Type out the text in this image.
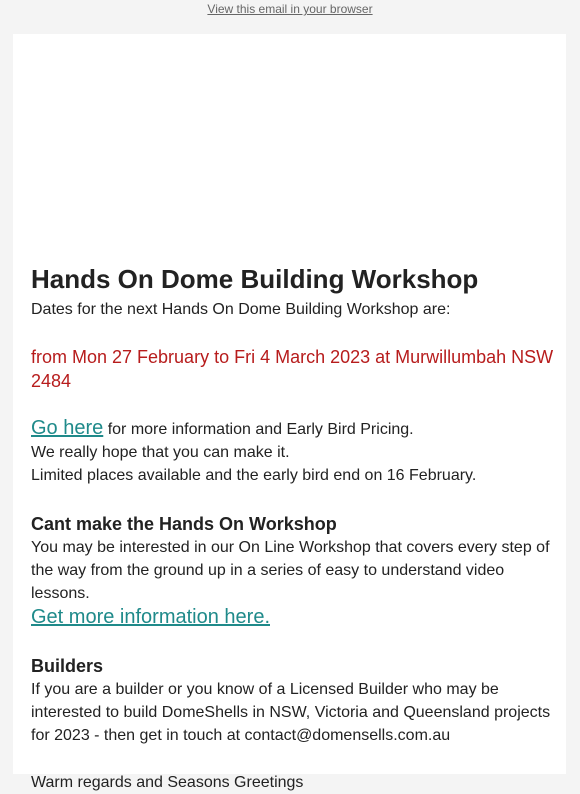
View this email in your browser
Hands On Dome Building Workshop

Dates for the next Hands On Dome Building Workshop are:

from Mon 27 February to Fri 4 March 2023 at Murwillumbah NSW 2484

Go here for more information and Early Bird Pricing.

We really hope that you can make it.

Limited places available and the early bird end on 16 February.

Cant make the Hands On Workshop

You may be interested in our On Line Workshop that covers every step of the way from the ground up in a series of easy to understand video lessons.

Get more information here.

Builders

If you are a builder or you know of a Licensed Builder who may be interested to build DomeShells in NSW, Victoria and Queensland projects for 2023 - then get in touch at contact@domensells.com.au

Warm regards and Seasons Greetings
